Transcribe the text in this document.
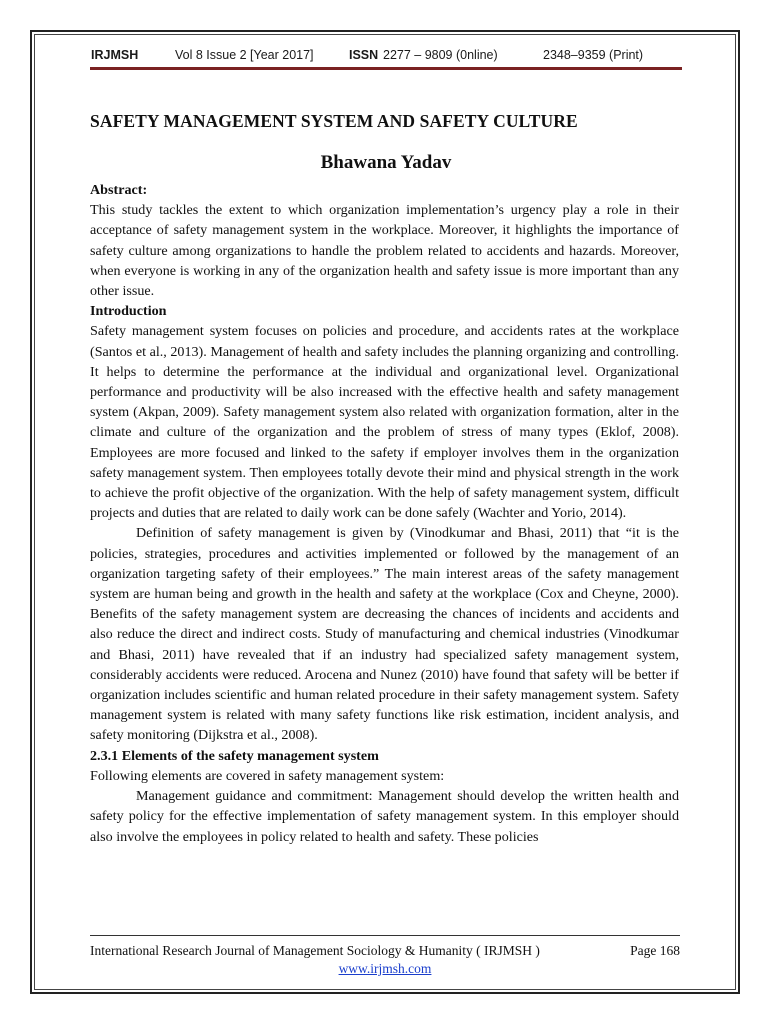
IRJMSH	Vol 8 Issue 2 [Year 2017]	ISSN 2277 – 9809 (0nline)	2348–9359 (Print)
SAFETY MANAGEMENT SYSTEM AND SAFETY CULTURE
Bhawana Yadav
Abstract:

This study tackles the extent to which organization implementation’s urgency play a role in their acceptance of safety management system in the workplace. Moreover, it highlights the importance of safety culture among organizations to handle the problem related to accidents and hazards. Moreover, when everyone is working in any of the organization health and safety issue is more important than any other issue.

Introduction

Safety management system focuses on policies and procedure, and accidents rates at the workplace (Santos et al., 2013). Management of health and safety includes the planning organizing and controlling. It helps to determine the performance at the individual and organizational level. Organizational performance and productivity will be also increased with the effective health and safety management system (Akpan, 2009). Safety management system also related with organization formation, alter in the climate and culture of the organization and the problem of stress of many types (Eklof, 2008). Employees are more focused and linked to the safety if employer involves them in the organization safety management system. Then employees totally devote their mind and physical strength in the work to achieve the profit objective of the organization. With the help of safety management system, difficult projects and duties that are related to daily work can be done safely (Wachter and Yorio, 2014).

Definition of safety management is given by (Vinodkumar and Bhasi, 2011) that “it is the policies, strategies, procedures and activities implemented or followed by the management of an organization targeting safety of their employees.” The main interest areas of the safety management system are human being and growth in the health and safety at the workplace (Cox and Cheyne, 2000). Benefits of the safety management system are decreasing the chances of incidents and accidents and also reduce the direct and indirect costs. Study of manufacturing and chemical industries (Vinodkumar and Bhasi, 2011) have revealed that if an industry had specialized safety management system, considerably accidents were reduced. Arocena and Nunez (2010) have found that safety will be better if organization includes scientific and human related procedure in their safety management system. Safety management system is related with many safety functions like risk estimation, incident analysis, and safety monitoring (Dijkstra et al., 2008).

2.3.1 Elements of the safety management system

Following elements are covered in safety management system:

Management guidance and commitment: Management should develop the written health and safety policy for the effective implementation of safety management system. In this employer should also involve the employees in policy related to health and safety. These policies

International Research Journal of Management Sociology & Humanity ( IRJMSH )	Page 168
www.irjmsh.com
